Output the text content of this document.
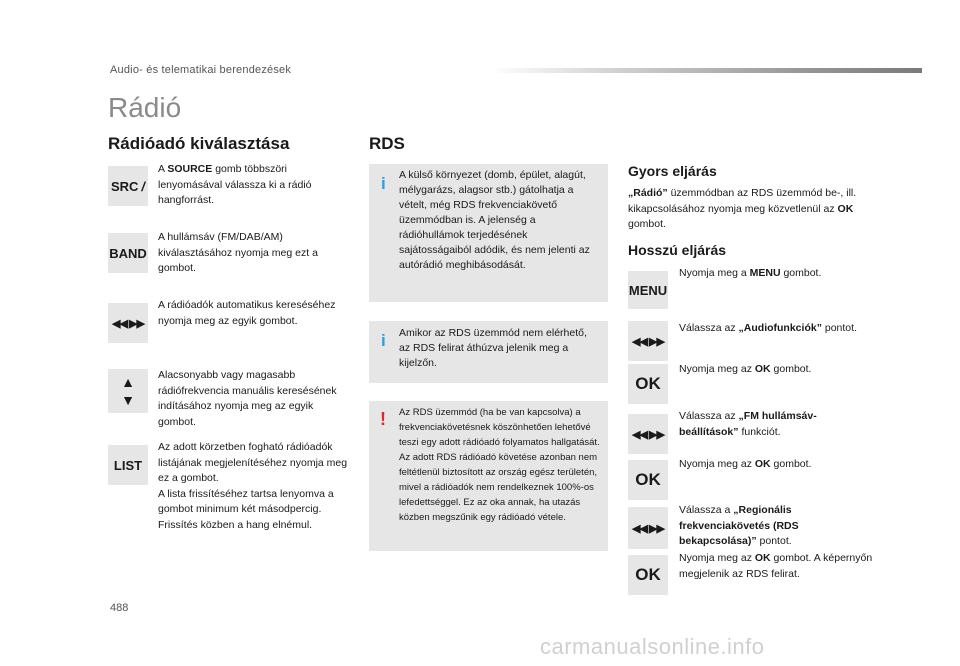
Audio- és telematikai berendezések
Rádió
Rádióadó kiválasztása
SRC /
A SOURCE gomb többszöri lenyomásával válassza ki a rádió hangforrást.
BAND
A hullámsáv (FM/DAB/AM) kiválasztásához nyomja meg ezt a gombot.
◀◀ ▶▶
A rádióadók automatikus kereséséhez nyomja meg az egyik gombot.
▲
▼
Alacsonyabb vagy magasabb rádiófrekvencia manuális keresésének indításához nyomja meg az egyik gombot.
LIST
Az adott körzetben fogható rádióadók listájának megjelenítéséhez nyomja meg ez a gombot.
A lista frissítéséhez tartsa lenyomva a gombot minimum két másodpercig. Frissítés közben a hang elnémul.
RDS
i A külső környezet (domb, épület, alagút, mélygarázs, alagsor stb.) gátolhatja a vételt, még RDS frekvenciakövető üzemmódban is. A jelenség a rádióhullámok terjedésének sajátosságaiból adódik, és nem jelenti az autórádió meghibásodását.
i Amikor az RDS üzemmód nem elérhető, az RDS felirat áthúzva jelenik meg a kijelzőn.
! Az RDS üzemmód (ha be van kapcsolva) a frekvenciakövetésnek köszönhetően lehetővé teszi egy adott rádióadó folyamatos hallgatását. Az adott RDS rádióadó követése azonban nem feltétlenül biztosított az ország egész területén, mivel a rádióadók nem rendelkeznek 100%-os lefedettséggel. Ez az oka annak, ha utazás közben megszűnik egy rádióadó vétele.
Gyors eljárás
„Rádió” üzemmódban az RDS üzemmód be-, ill. kikapcsolásához nyomja meg közvetlenül az OK gombot.
Hosszú eljárás
MENU
Nyomja meg a MENU gombot.
◀◀ ▶▶
Válassza az „Audiofunkciók” pontot.
OK
Nyomja meg az OK gombot.
◀◀ ▶▶
Válassza az „FM hullámsáv-beállítások” funkciót.
OK
Nyomja meg az OK gombot.
◀◀ ▶▶
Válassza a „Regionális frekvenciakövetés (RDS bekapcsolása)” pontot.
OK
Nyomja meg az OK gombot. A képernyőn megjelenik az RDS felirat.
488
carmanualsonline.info
